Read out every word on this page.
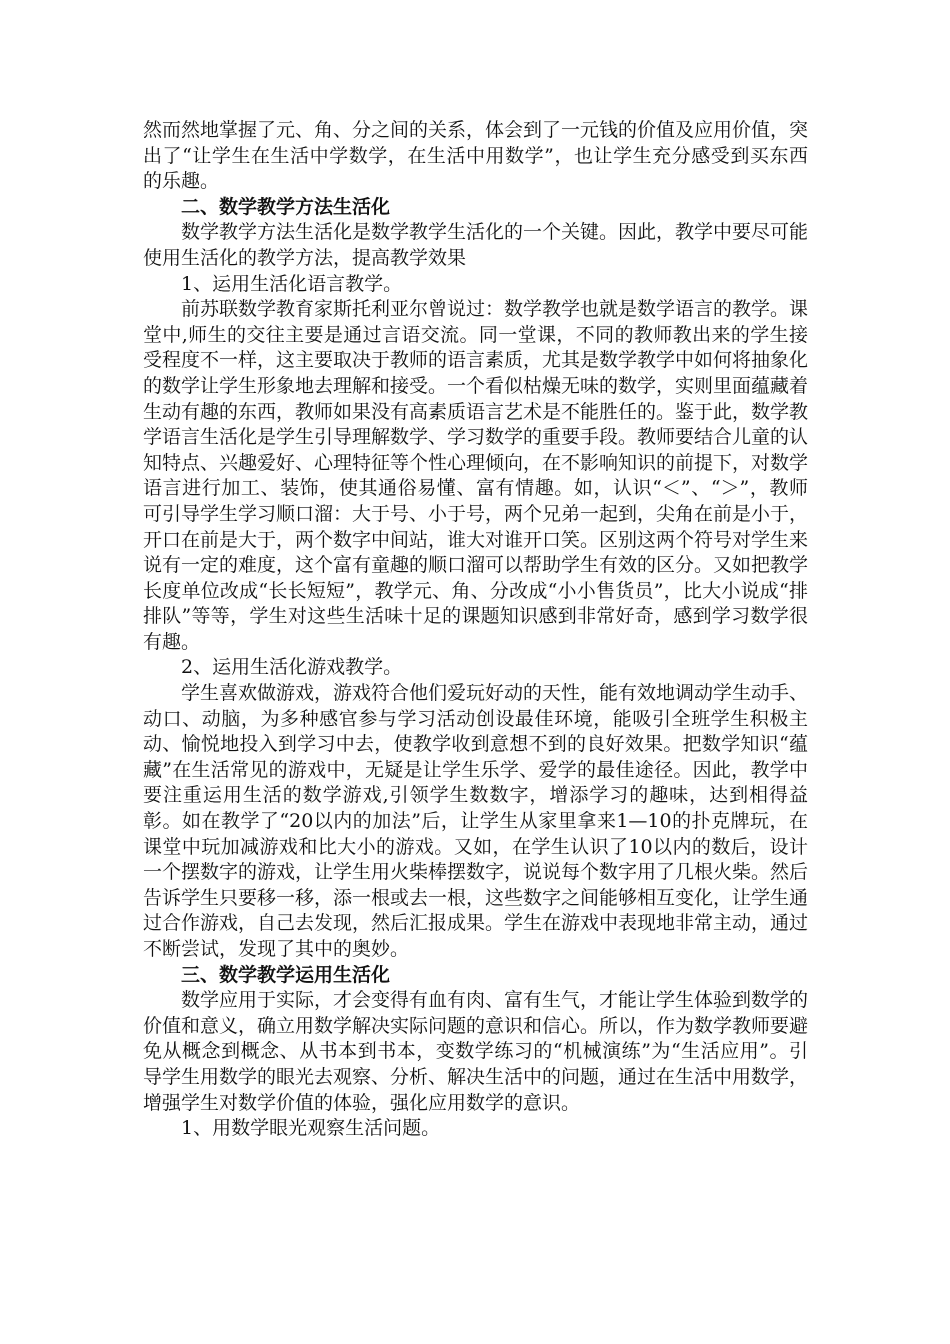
然而然地掌握了元、角、分之间的关系，体会到了一元钱的价值及应用价值，突出了“让学生在生活中学数学，在生活中用数学”，也让学生充分感受到买东西的乐趣。

二、数学教学方法生活化

数学教学方法生活化是数学教学生活化的一个关键。因此，教学中要尽可能使用生活化的教学方法，提高教学效果

1、运用生活化语言教学。

前苏联数学教育家斯托利亚尔曾说过：数学教学也就是数学语言的教学。课堂中,师生的交往主要是通过言语交流。同一堂课，不同的教师教出来的学生接受程度不一样，这主要取决于教师的语言素质，尤其是数学教学中如何将抽象化的数学让学生形象地去理解和接受。一个看似枯燥无味的数学，实则里面蕴藏着生动有趣的东西，教师如果没有高素质语言艺术是不能胜任的。鉴于此，数学教学语言生活化是学生引导理解数学、学习数学的重要手段。教师要结合儿童的认知特点、兴趣爱好、心理特征等个性心理倾向，在不影响知识的前提下，对数学语言进行加工、装饰，使其通俗易懂、富有情趣。如，认识“＜”、“＞”，教师可引导学生学习顺口溜：大于号、小于号，两个兄弟一起到，尖角在前是小于，开口在前是大于，两个数字中间站，谁大对谁开口笑。区别这两个符号对学生来说有一定的难度，这个富有童趣的顺口溜可以帮助学生有效的区分。又如把教学长度单位改成“长长短短”，教学元、角、分改成“小小售货员”，比大小说成“排排队”等等，学生对这些生活味十足的课题知识感到非常好奇，感到学习数学很有趣。

2、运用生活化游戏教学。

学生喜欢做游戏，游戏符合他们爱玩好动的天性，能有效地调动学生动手、动口、动脑，为多种感官参与学习活动创设最佳环境，能吸引全班学生积极主动、愉悦地投入到学习中去，使教学收到意想不到的良好效果。把数学知识“蕴藏”在生活常见的游戏中，无疑是让学生乐学、爱学的最佳途径。因此，教学中要注重运用生活的数学游戏,引领学生数数字，增添学习的趣味，达到相得益彰。如在教学了“20以内的加法”后，让学生从家里拿来1—10的扑克牌玩，在课堂中玩加减游戏和比大小的游戏。又如，在学生认识了10以内的数后，设计一个摆数字的游戏，让学生用火柴棒摆数字，说说每个数字用了几根火柴。然后告诉学生只要移一移，添一根或去一根，这些数字之间能够相互变化，让学生通过合作游戏，自己去发现，然后汇报成果。学生在游戏中表现地非常主动，通过不断尝试，发现了其中的奥妙。

三、数学教学运用生活化

数学应用于实际，才会变得有血有肉、富有生气，才能让学生体验到数学的价值和意义，确立用数学解决实际问题的意识和信心。所以，作为数学教师要避免从概念到概念、从书本到书本，变数学练习的“机械演练”为“生活应用”。引导学生用数学的眼光去观察、分析、解决生活中的问题，通过在生活中用数学，增强学生对数学价值的体验，强化应用数学的意识。

1、用数学眼光观察生活问题。
